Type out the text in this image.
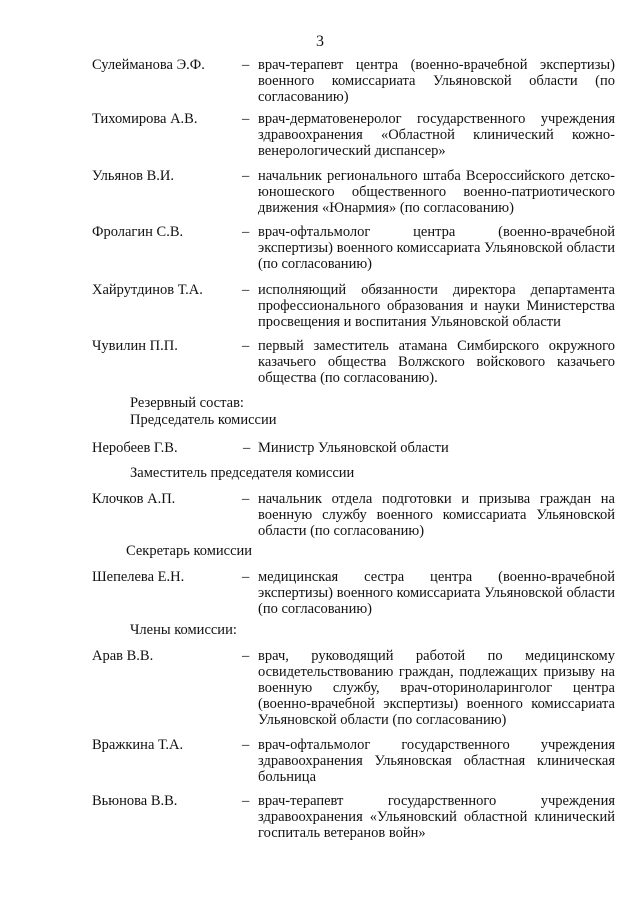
3
Сулейманова Э.Ф.	– врач-терапевт центра (военно-врачебной экспертизы) военного комиссариата Ульяновской области (по согласованию)
Тихомирова А.В.	– врач-дерматовенеролог государственного учреждения здравоохранения «Областной клинический кожно-венерологический диспансер»
Ульянов В.И.	– начальник регионального штаба Всероссийского детско-юношеского общественного военно-патриотического движения «Юнармия» (по согласованию)
Фролагин С.В.	– врач-офтальмолог центра (военно-врачебной экспертизы) военного комиссариата Ульяновской области (по согласованию)
Хайрутдинов Т.А.	– исполняющий обязанности директора департамента профессионального образования и науки Министерства просвещения и воспитания Ульяновской области
Чувилин П.П.	– первый заместитель атамана Симбирского окружного казачьего общества Волжского войскового казачьего общества (по согласованию).
Резервный состав:
Председатель комиссии
Неробеев Г.В.	– Министр Ульяновской области
Заместитель председателя комиссии
Клочков А.П.	– начальник отдела подготовки и призыва граждан на военную службу военного комиссариата Ульяновской области (по согласованию)
Секретарь комиссии
Шепелева Е.Н.	– медицинская сестра центра (военно-врачебной экспертизы) военного комиссариата Ульяновской области (по согласованию)
Члены комиссии:
Арав В.В.	– врач, руководящий работой по медицинскому освидетельствованию граждан, подлежащих призыву на военную службу, врач-оториноларинголог центра (военно-врачебной экспертизы) военного комиссариата Ульяновской области (по согласованию)
Вражкина Т.А.	– врач-офтальмолог государственного учреждения здравоохранения Ульяновская областная клиническая больница
Вьюнова В.В.	– врач-терапевт государственного учреждения здравоохранения «Ульяновский областной клинический госпиталь ветеранов войн»
